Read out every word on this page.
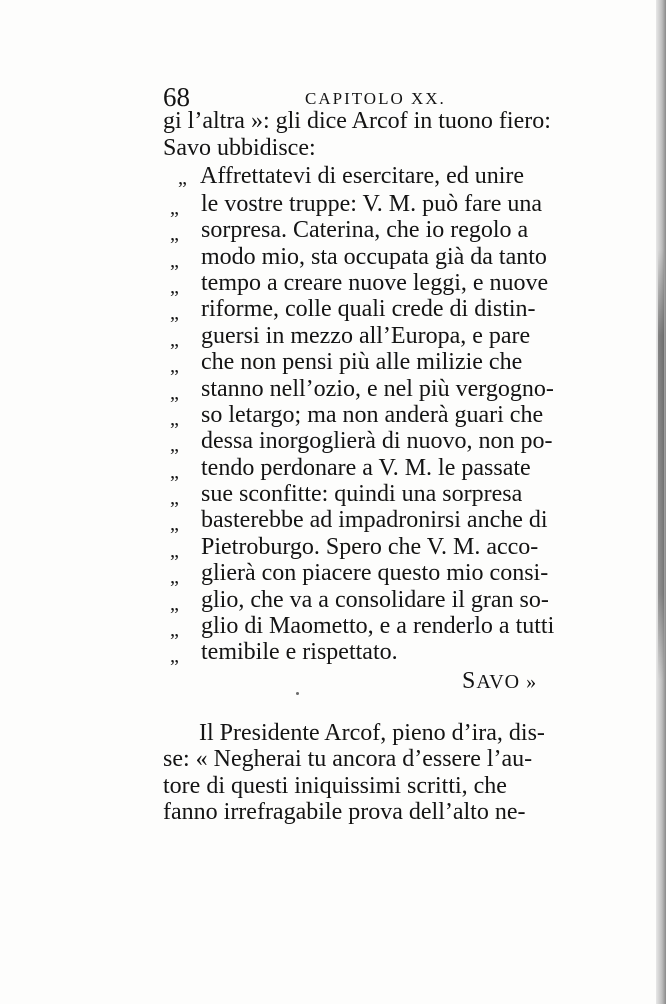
68	CAPITOLO XX.
gi l’altra »: gli dice Arcof in tuono fiero:
Savo ubbidisce:
„ Affrettatevi di esercitare, ed unire
„ le vostre truppe: V. M. può fare una
„ sorpresa. Caterina, che io regolo a
„ modo mio, sta occupata già da tanto
„ tempo a creare nuove leggi, e nuove
„ riforme, colle quali crede di distin-
„ guersi in mezzo all’Europa, e pare
„ che non pensi più alle milizie che
„ stanno nell’ozio, e nel più vergogno-
„ so letargo; ma non anderà guari che
„ dessa inorgoglierà di nuovo, non po-
„ tendo perdonare a V. M. le passate
„ sue sconfitte: quindi una sorpresa
„ basterebbe ad impadronirsi anche di
„ Pietroburgo. Spero che V. M. acco-
„ glierà con piacere questo mio consi-
„ glio, che va a consolidare il gran so-
„ glio di Maometto, e a renderlo a tutti
„ temibile e rispettato.
SAVO »
Il Presidente Arcof, pieno d’ira, dis-
se: « Negherai tu ancora d’essere l’au-
tore di questi iniquissimi scritti, che
fanno irrefragabile prova dell’alto ne-
